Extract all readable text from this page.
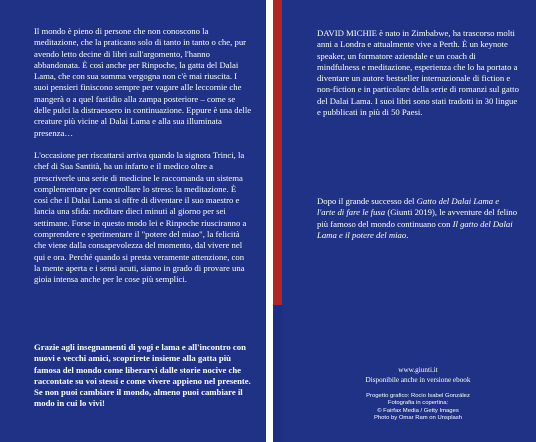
Il mondo è pieno di persone che non conoscono la meditazione, che la praticano solo di tanto in tanto o che, pur avendo letto decine di libri sull'argomento, l'hanno abbandonata. È così anche per Rinpoche, la gatta del Dalai Lama, che con sua somma vergogna non c'è mai riuscita. I suoi pensieri finiscono sempre per vagare alle leccornie che mangerà o a quel fastidio alla zampa posteriore – come se delle pulci la distraessero in continuazione. Eppure è una delle creature più vicine al Dalai Lama e alla sua illuminata presenza…

L'occasione per riscattarsi arriva quando la signora Trinci, la chef di Sua Santità, ha un infarto e il medico oltre a prescriverle una serie di medicine le raccomanda un sistema complementare per controllare lo stress: la meditazione. È così che il Dalai Lama si offre di diventare il suo maestro e lancia una sfida: meditare dieci minuti al giorno per sei settimane. Forse in questo modo lei e Rinpoche riusciranno a comprendere e sperimentare il "potere del miao", la felicità che viene dalla consapevolezza del momento, dal vivere nel qui e ora. Perché quando si presta veramente attenzione, con la mente aperta e i sensi acuti, siamo in grado di provare una gioia intensa anche per le cose più semplici.

Grazie agli insegnamenti di yogi e lama e all'incontro con nuovi e vecchi amici, scoprirete insieme alla gatta più famosa del mondo come liberarvi dalle storie nocive che raccontate su voi stessi e come vivere appieno nel presente. Se non puoi cambiare il mondo, almeno puoi cambiare il modo in cui lo vivi!

DAVID MICHIE è nato in Zimbabwe, ha trascorso molti anni a Londra e attualmente vive a Perth. È un keynote speaker, un formatore aziendale e un coach di mindfulness e meditazione, esperienza che lo ha portato a diventare un autore bestseller internazionale di fiction e non-fiction e in particolare della serie di romanzi sul gatto del Dalai Lama. I suoi libri sono stati tradotti in 30 lingue e pubblicati in più di 50 Paesi.

Dopo il grande successo del Gatto del Dalai Lama e l'arte di fare le fusa (Giunti 2019), le avventure del felino più famoso del mondo continuano con Il gatto del Dalai Lama e il potere del miao.

www.giunti.it
Disponibile anche in versione ebook
Progetto grafico: Rocio Isabel González
Fotografia in copertina:
© Fairfax Media / Getty Images
Photo by Omar Ram on Unsplash
